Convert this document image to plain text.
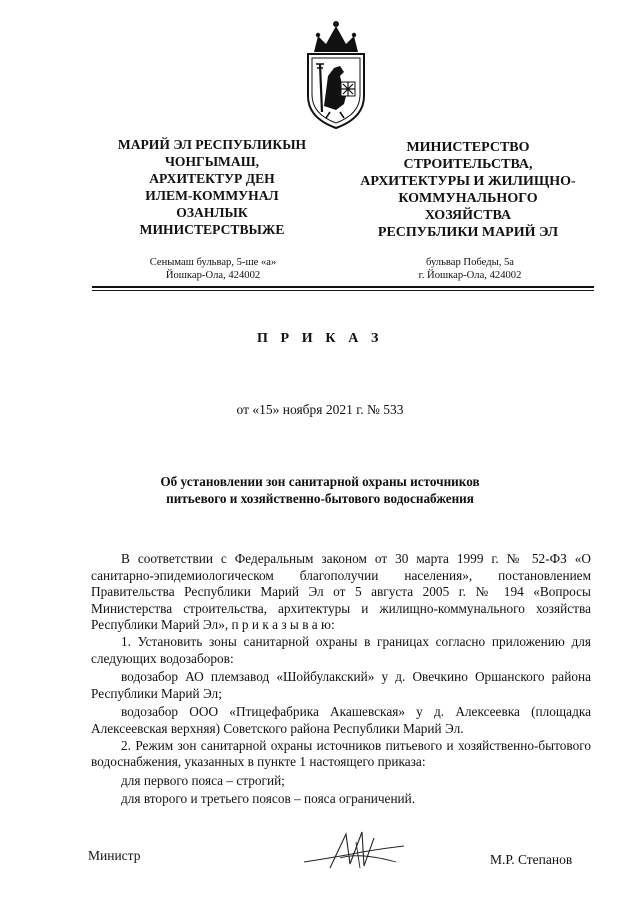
МАРИЙ ЭЛ РЕСПУБЛИКЫН
ЧОНГЫМАШ,
АРХИТЕКТУР ДЕН
ИЛЕМ-КОММУНАЛ
ОЗАНЛЫК
МИНИСТЕРСТВЫЖЕ
МИНИСТЕРСТВО
СТРОИТЕЛЬСТВА,
АРХИТЕКТУРЫ И ЖИЛИЩНО-
КОММУНАЛЬНОГО
ХОЗЯЙСТВА
РЕСПУБЛИКИ МАРИЙ ЭЛ
Сенымаш бульвар, 5-ше «а»
Йошкар-Ола, 424002
бульвар Победы, 5а
г. Йошкар-Ола, 424002
П Р И К А З
от «15» ноября 2021 г. № 533
Об установлении зон санитарной охраны источников
питьевого и хозяйственно-бытового водоснабжения

В соответствии с Федеральным законом от 30 марта 1999 г. № 52-ФЗ «О санитарно-эпидемиологическом благополучии населения», постановлением Правительства Республики Марий Эл от 5 августа 2005 г. № 194 «Вопросы Министерства строительства, архитектуры и жилищно-коммунального хозяйства Республики Марий Эл», п р и к а з ы в а ю:

1. Установить зоны санитарной охраны в границах согласно приложению для следующих водозаборов:

водозабор АО племзавод «Шойбулакский» у д. Овечкино Оршанского района Республики Марий Эл;

водозабор ООО «Птицефабрика Акашевская» у д. Алексеевка (площадка Алексеевская верхняя) Советского района Республики Марий Эл.

2. Режим зон санитарной охраны источников питьевого и хозяйственно-бытового водоснабжения, указанных в пункте 1 настоящего приказа:

для первого пояса – строгий;

для второго и третьего поясов – пояса ограничений.

Министр	М.Р. Степанов
